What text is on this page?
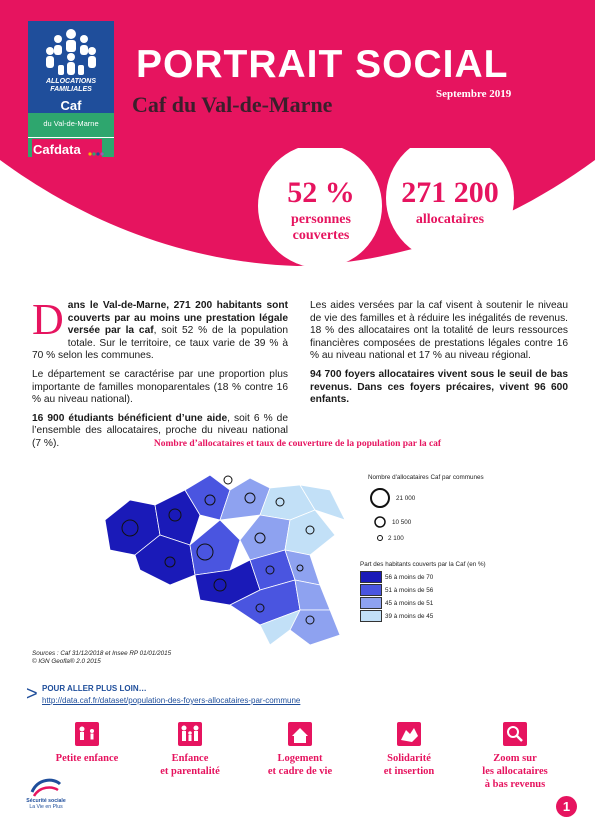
ALLOCATIONS
FAMILIALES
Caf
du Val-de-Marne
Cafdata
PORTRAIT SOCIAL
Caf du Val-de-Marne	Septembre 2019
52 %
personnes
couvertes
271 200
allocataires

Dans le Val-de-Marne, 271 200 habitants sont couverts par au moins une prestation légale versée par la caf, soit 52 % de la population totale. Sur le territoire, ce taux varie de 39 % à 70 % selon les communes.

Le département se caractérise par une proportion plus importante de familles monoparentales (18 % contre 16 % au niveau national).

16 900 étudiants bénéficient d’une aide, soit 6 % de l’ensemble des allocataires, proche du niveau national (7 %).

Les aides versées par la caf visent à soutenir le niveau de vie des familles et à réduire les inégalités de revenus. 18 % des allocataires ont la totalité de leurs ressources financières composées de prestations légales contre 16 % au niveau national et 17 % au niveau régional.

94 700 foyers allocataires vivent sous le seuil de bas revenus. Dans ces foyers précaires, vivent 96 600 enfants.

Nombre d’allocataires et taux de couverture de la population par la caf
Nombre d'allocataires Caf par communes
21 000
10 500
2 100
Part des habitants couverts par la Caf (en %)
56 à moins de 70
51 à moins de 56
45 à moins de 51
39 à moins de 45
Sources : Caf 31/12/2018 et Insee RP 01/01/2015
© IGN Geofla® 2.0 2015
> POUR ALLER PLUS LOIN…
http://data.caf.fr/dataset/population-des-foyers-allocataires-par-commune
Petite enfance	Enfance
et parentalité
Logement
et cadre de vie
Solidarité
et insertion
Zoom sur
les allocataires
à bas revenus
Sécurité sociale
La Vie en Plus	1
